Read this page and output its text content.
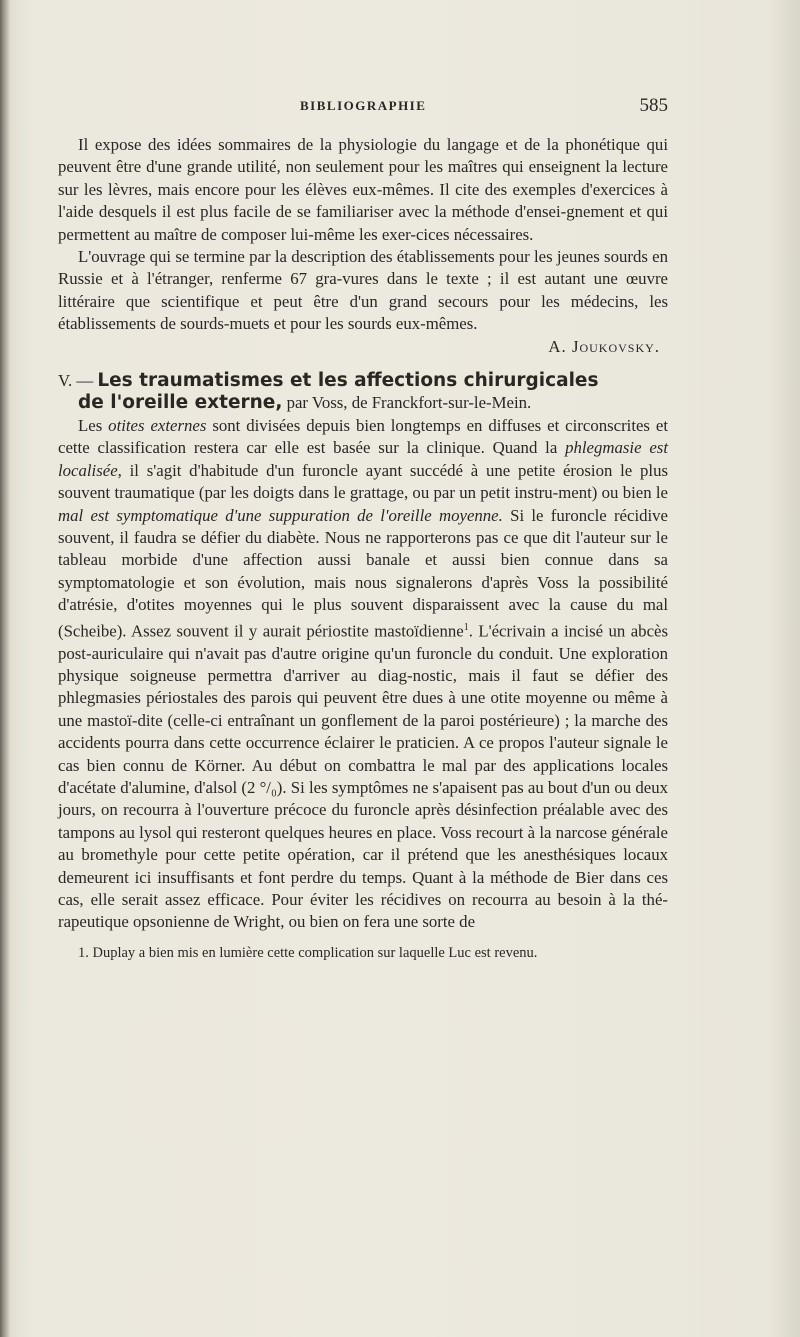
BIBLIOGRAPHIE	585

Il expose des idées sommaires de la physiologie du langage et de la phonétique qui peuvent être d'une grande utilité, non seulement pour les maîtres qui enseignent la lecture sur les lèvres, mais encore pour les élèves eux-mêmes. Il cite des exemples d'exercices à l'aide desquels il est plus facile de se familiariser avec la méthode d'ensei-gnement et qui permettent au maître de composer lui-même les exer-cices nécessaires.

L'ouvrage qui se termine par la description des établissements pour les jeunes sourds en Russie et à l'étranger, renferme 67 gra-vures dans le texte ; il est autant une œuvre littéraire que scientifique et peut être d'un grand secours pour les médecins, les établissements de sourds-muets et pour les sourds eux-mêmes.

A. Joukovsky.
V. — Les traumatismes et les affections chirurgicales
de l'oreille externe, par Voss, de Franckfort-sur-le-Mein.

Les otites externes sont divisées depuis bien longtemps en diffuses et circonscrites et cette classification restera car elle est basée sur la clinique. Quand la phlegmasie est localisée, il s'agit d'habitude d'un furoncle ayant succédé à une petite érosion le plus souvent traumatique (par les doigts dans le grattage, ou par un petit instru-ment) ou bien le mal est symptomatique d'une suppuration de l'oreille moyenne. Si le furoncle récidive souvent, il faudra se défier du diabète. Nous ne rapporterons pas ce que dit l'auteur sur le tableau morbide d'une affection aussi banale et aussi bien connue dans sa symptomatologie et son évolution, mais nous signalerons d'après Voss la possibilité d'atrésie, d'otites moyennes qui le plus souvent disparaissent avec la cause du mal (Scheibe). Assez souvent il y aurait périostite mastoïdienne$^1$. L'écrivain a incisé un abcès post-auriculaire qui n'avait pas d'autre origine qu'un furoncle du conduit. Une exploration physique soigneuse permettra d'arriver au diag-nostic, mais il faut se défier des phlegmasies périostales des parois qui peuvent être dues à une otite moyenne ou même à une mastoï-dite (celle-ci entraînant un gonflement de la paroi postérieure) ; la marche des accidents pourra dans cette occurrence éclairer le praticien. A ce propos l'auteur signale le cas bien connu de Körner. Au début on combattra le mal par des applications locales d'acétate d'alumine, d'alsol (2 °/₀). Si les symptômes ne s'apaisent pas au bout d'un ou deux jours, on recourra à l'ouverture précoce du furoncle après désinfection préalable avec des tampons au lysol qui resteront quelques heures en place. Voss recourt à la narcose générale au bromethyle pour cette petite opération, car il prétend que les anesthésiques locaux demeurent ici insuffisants et font perdre du temps. Quant à la méthode de Bier dans ces cas, elle serait assez efficace. Pour éviter les récidives on recourra au besoin à la thé-rapeutique opsonienne de Wright, ou bien on fera une sorte de

1. Duplay a bien mis en lumière cette complication sur laquelle Luc est revenu.
